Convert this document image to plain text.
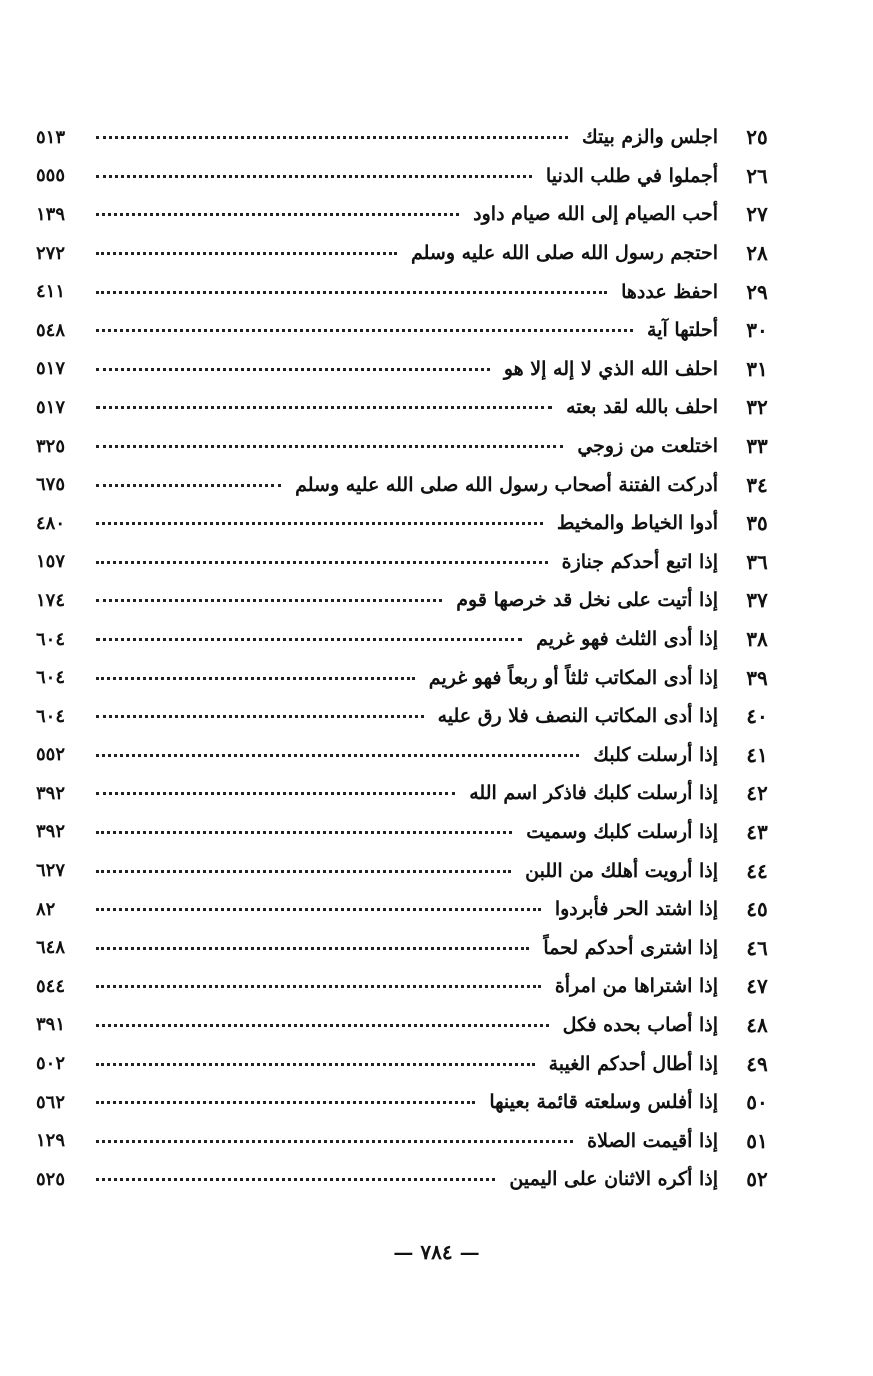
٢٥
اجلس والزم بيتك
٥١٣
٢٦
أجملوا في طلب الدنيا
٥٥٥
٢٧
أحب الصيام إلى الله صيام داود
١٣٩
٢٨
احتجم رسول الله صلى الله عليه وسلم
٢٧٢
٢٩
احفظ عددها
٤١١
٣٠
أحلتها آية
٥٤٨
٣١
احلف الله الذي لا إله إلا هو
٥١٧
٣٢
احلف بالله لقد بعته
٥١٧
٣٣
اختلعت من زوجي
٣٢٥
٣٤
أدركت الفتنة أصحاب رسول الله صلى الله عليه وسلم
٦٧٥
٣٥
أدوا الخياط والمخيط
٤٨٠
٣٦
إذا اتبع أحدكم جنازة
١٥٧
٣٧
إذا أتيت على نخل قد خرصها قوم
١٧٤
٣٨
إذا أدى الثلث فهو غريم
٦٠٤
٣٩
إذا أدى المكاتب ثلثاً أو ربعاً فهو غريم
٦٠٤
٤٠
إذا أدى المكاتب النصف فلا رق عليه
٦٠٤
٤١
إذا أرسلت كلبك
٥٥٢
٤٢
إذا أرسلت كلبك فاذكر اسم الله
٣٩٢
٤٣
إذا أرسلت كلبك وسميت
٣٩٢
٤٤
إذا أرويت أهلك من اللبن
٦٢٧
٤٥
إذا اشتد الحر فأبردوا
٨٢
٤٦
إذا اشترى أحدكم لحماً
٦٤٨
٤٧
إذا اشتراها من امرأة
٥٤٤
٤٨
إذا أصاب بحده فكل
٣٩١
٤٩
إذا أطال أحدكم الغيبة
٥٠٢
٥٠
إذا أفلس وسلعته قائمة بعينها
٥٦٢
٥١
إذا أقيمت الصلاة
١٢٩
٥٢
إذا أكره الاثنان على اليمين
٥٢٥
— ٧٨٤ —
